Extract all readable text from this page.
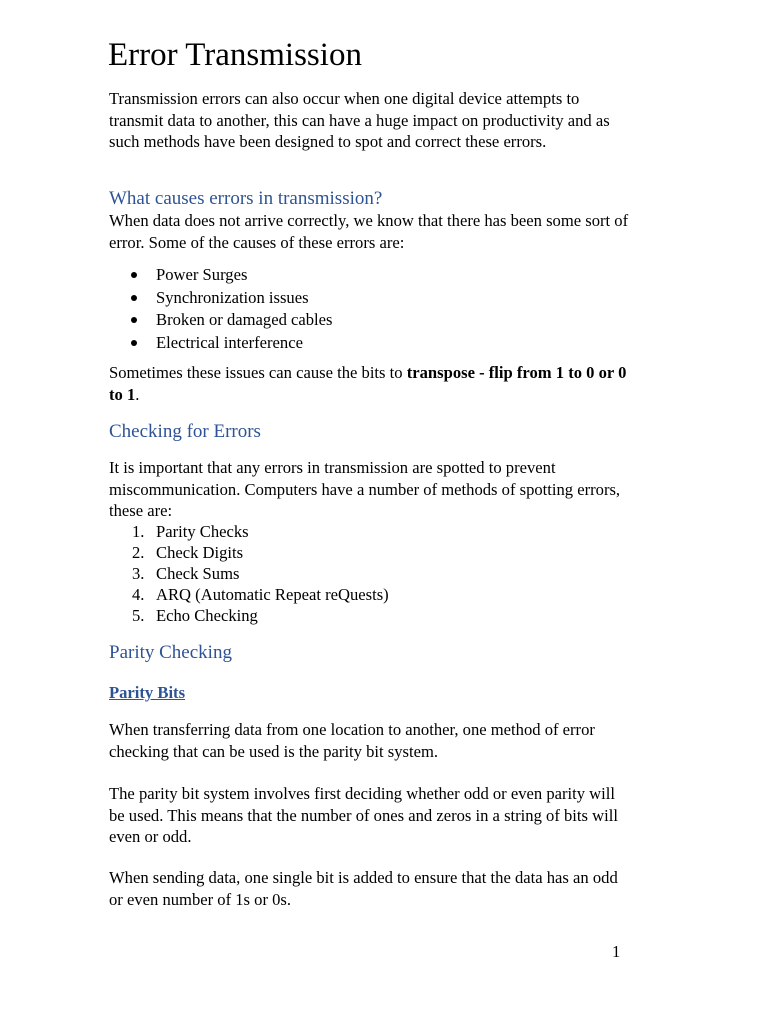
Error Transmission

Transmission errors can also occur when one digital device attempts to transmit data to another, this can have a huge impact on productivity and as such methods have been designed to spot and correct these errors.

What causes errors in transmission?

When data does not arrive correctly, we know that there has been some sort of error. Some of the causes of these errors are:

Power Surges
Synchronization issues
Broken or damaged cables
Electrical interference

Sometimes these issues can cause the bits to transpose - flip from 1 to 0 or 0 to 1.

Checking for Errors

It is important that any errors in transmission are spotted to prevent miscommunication. Computers have a number of methods of spotting errors, these are:

1. Parity Checks
2. Check Digits
3. Check Sums
4. ARQ (Automatic Repeat reQuests)
5. Echo Checking
Parity Checking
Parity Bits

When transferring data from one location to another, one method of error checking that can be used is the parity bit system.

The parity bit system involves first deciding whether odd or even parity will be used. This means that the number of ones and zeros in a string of bits will even or odd.

When sending data, one single bit is added to ensure that the data has an odd or even number of 1s or 0s.

1
